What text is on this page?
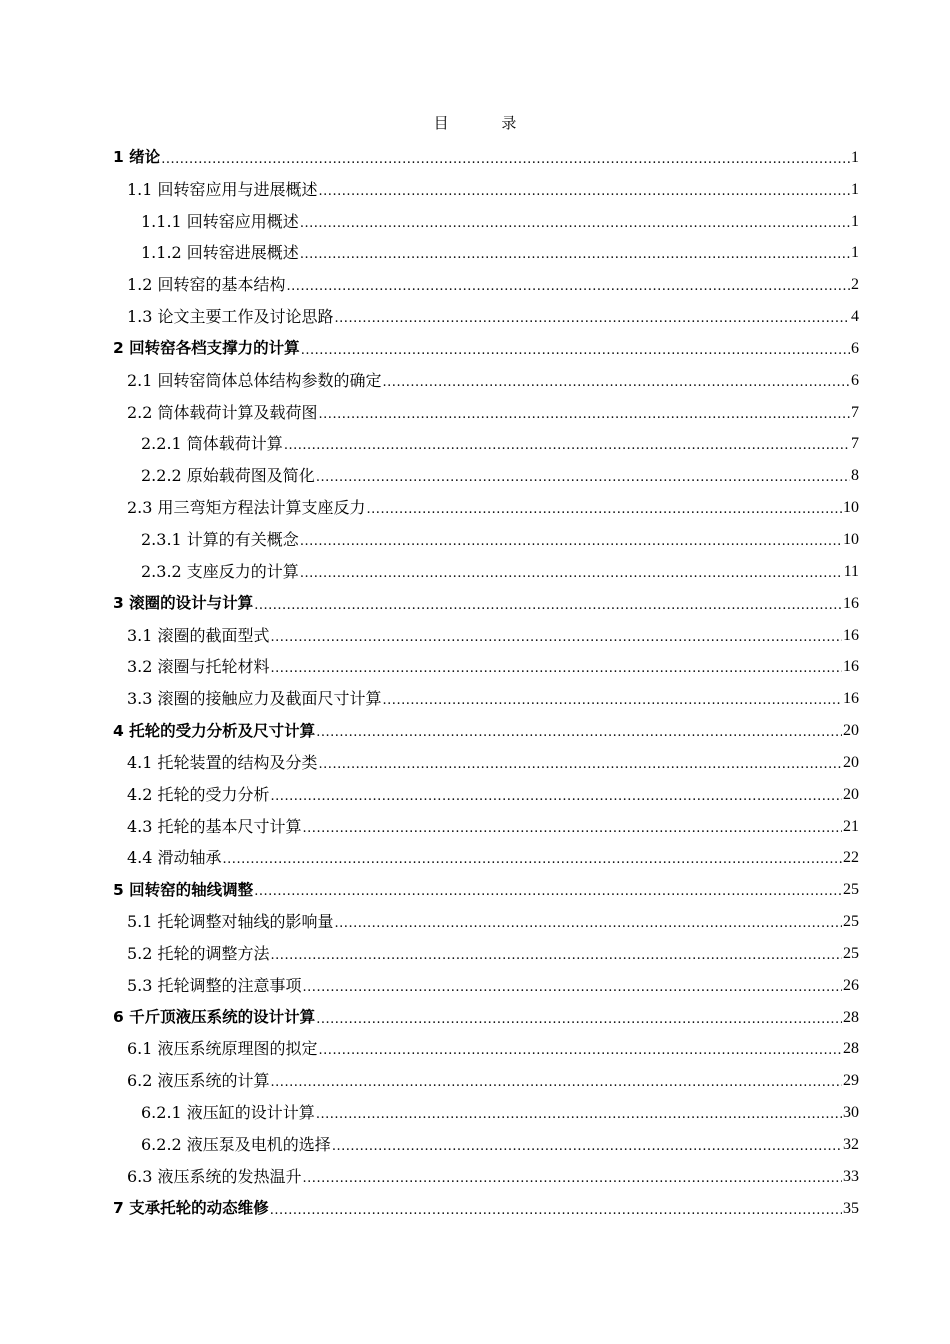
目	录
1 绪论 .....	1
1.1 回转窑应用与进展概述 .....	1
1.1.1 回转窑应用概述 .....	1
1.1.2 回转窑进展概述 .....	1
1.2 回转窑的基本结构 .....	2
1.3 论文主要工作及讨论思路 .....	4
2 回转窑各档支撑力的计算 .....	6
2.1 回转窑筒体总体结构参数的确定 .....	6
2.2 筒体载荷计算及载荷图 .....	7
2.2.1 筒体载荷计算 .....	7
2.2.2 原始载荷图及简化 .....	8
2.3 用三弯矩方程法计算支座反力 .....	10
2.3.1 计算的有关概念 .....	10
2.3.2 支座反力的计算 .....	11
3 滚圈的设计与计算 .....	16
3.1 滚圈的截面型式 .....	16
3.2 滚圈与托轮材料 .....	16
3.3 滚圈的接触应力及截面尺寸计算 .....	16
4 托轮的受力分析及尺寸计算 .....	20
4.1 托轮装置的结构及分类 .....	20
4.2 托轮的受力分析 .....	20
4.3 托轮的基本尺寸计算 .....	21
4.4 滑动轴承 .....	22
5 回转窑的轴线调整 .....	25
5.1 托轮调整对轴线的影响量 .....	25
5.2 托轮的调整方法 .....	25
5.3 托轮调整的注意事项 .....	26
6 千斤顶液压系统的设计计算 .....	28
6.1 液压系统原理图的拟定 .....	28
6.2 液压系统的计算 .....	29
6.2.1 液压缸的设计计算 .....	30
6.2.2 液压泵及电机的选择 .....	32
6.3 液压系统的发热温升 .....	33
7 支承托轮的动态维修 .....	35
